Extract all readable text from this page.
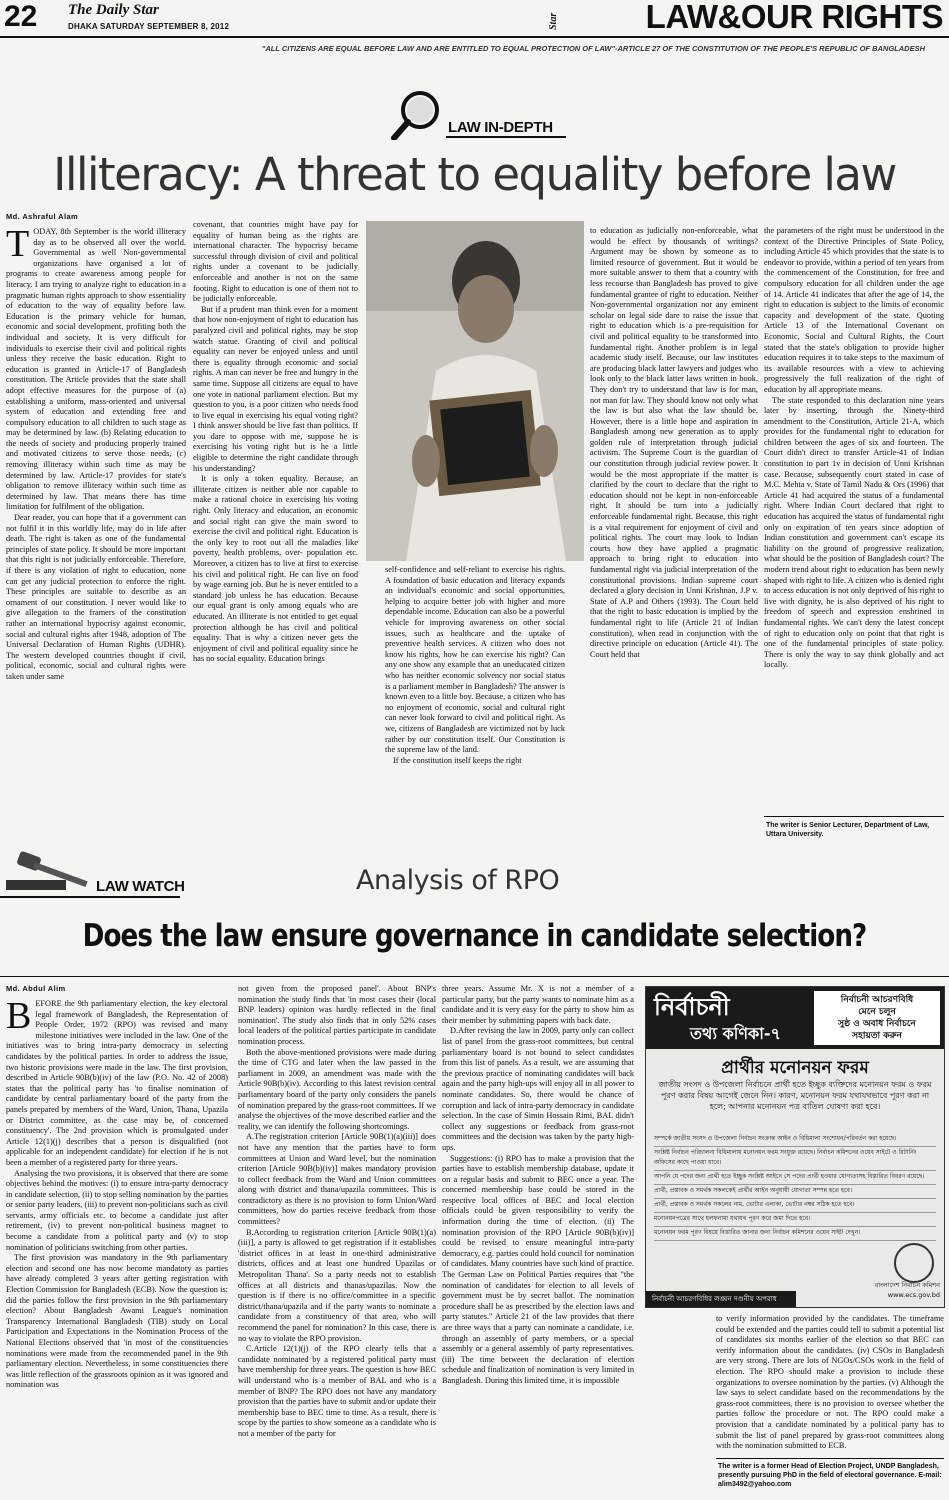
22 The Daily Star
DHAKA SATURDAY SEPTEMBER 8, 2012	LAW&OUR RIGHTS
Star
"ALL CITIZENS ARE EQUAL BEFORE LAW AND ARE ENTITLED TO EQUAL PROTECTION OF LAW"-ARTICLE 27 OF THE CONSTITUTION OF THE PEOPLE'S REPUBLIC OF BANGLADESH
LAW IN-DEPTH
Illiteracy: A threat to equality before law
Md. Ashraful Alam
T ODAY, 8th September is the world illiteracy day as to be observed all over the world. Governmental as well Non-governmental organizations have organised a lot of programs to create awareness among people for literacy. I am trying to analyze right to education in a pragmatic human rights approach to show essentiality of education to the way of equality before law. Education is the primary vehicle for human, economic and social development, profiting both the individual and society. It is very difficult for individuals to exercise their civil and political rights unless they receive the basic education. Right to education is granted in Article-17 of Bangladesh constitution. The Article provides that the state shall adopt effective measures for the purpose of (a) establishing a uniform, mass-oriented and universal system of education and extending free and compulsory education to all children to such stage as may be determined by law. (b) Relating education to the needs of society and producing properly trained and motivated citizens to serve those needs, (c) removing illiteracy within such time as may be determined by law. Article-17 provides for state's obligation to remove illiteracy within such time as determined by law. That means there has time limitation for fulfilment of the obligation.

Dear reader, you can hope that if a government can not fulfil it in this worldly life, may do in life after death. The right is taken as one of the fundamental principles of state policy. It should be more important that this right is not judicially enforceable. Therefore, if there is any violation of right to education, none can get any judicial protection to enforce the right. These principles are suitable to describe as an ornament of our constitution. I never would like to give allegation to the framers of the constitution rather an international hypocrisy against economic, social and cultural rights after 1948, adoption of The Universal Declaration of Human Rights (UDHR). The western developed countries thought if civil, political, economic, social and cultural rights were taken under same

covenant, that countries might have pay for equality of human being as the rights are international character. The hypocrisy became successful through division of civil and political rights under a covenant to be judicially enforceable and another is not on the same footing. Right to education is one of them not to be judicially enforceable.

But if a prudent man think even for a moment that how non-enjoyment of right to education has paralyzed civil and political rights, may be stop watch statue. Granting of civil and political equality can never be enjoyed unless and until there is equality through economic and social rights. A man can never be free and hungry in the same time. Suppose all citizens are equal to have one vote in national parliament election. But my question to you, is a poor citizen who needs food to live equal in exercising his equal voting right? I think answer should be live fast than politics. If you dare to oppose with me, suppose he is exercising his voting right but is he a little eligible to determine the right candidate through his understanding?

It is only a token equality. Because, an illiterate citizen is neither able nor capable to make a rational choice in exercising his voting right. Only literacy and education, an economic and social right can give the main sword to exercise the civil and political right. Education is the only key to root out all the maladies like poverty, health problems, over- population etc. Moreover, a citizen has to live at first to exercise his civil and political right. He can live on food by wage earning job. But he is never entitled to a standard job unless he has education. Because our equal grant is only among equals who are educated. An illiterate is not entitled to get equal protection although he has civil and political equality. That is why a citizen never gets the enjoyment of civil and political equality since he has no social equality. Education brings

self-confidence and self-reliant to exercise his rights. A foundation of basic education and literacy expands an individual's economic and social opportunities, helping to acquire better job with higher and more dependable income. Education can also be a powerful vehicle for improving awareness on other social issues, such as healthcare and the uptake of preventive health services. A citizen who does not know his rights, how he can exercise his right? Can any one show any example that an uneducated citizen who has neither economic solvency nor social status is a parliament member in Bangladesh? The answer is known even to a little boy. Because, a citizen who has no enjoyment of economic, social and cultural right can never look forward to civil and political right. As we, citizens of Bangladesh are victimized not by luck rather by our constitution itself. Our Constitution is the supreme law of the land.

If the constitution itself keeps the right

to education as judicially non-enforceable, what would be effect by thousands of writings? Argument may be shown by someone as to limited resource of government. But it would be more suitable answer to them that a country with less recourse than Bangladesh has proved to give fundamental grantee of right to education. Neither Non-governmental organization nor any eminent scholar on legal side dare to raise the issue that right to education which is a pre-requisition for civil and political equality to be transformed into fundamental right. Another problem is in legal academic study itself. Because, our law institutes are producing black latter lawyers and judges who look only to the black latter laws written in book. They don't try to understand that law is for man, not man for law. They should know not only what the law is but also what the law should be. However, there is a little hope and aspiration in Bangladesh among new generation as to apply golden rule of interpretation through judicial activism. The Supreme Court is the guardian of our constitution through judicial review power. It would be the most appropriate if the matter is clarified by the court to declare that the right to education should not be kept in non-enforceable right. It should be turn into a judicially enforceable fundamental right. Because, this right is a vital requirement for enjoyment of civil and political rights. The court may look to Indian courts how they have applied a pragmatic approach to bring right to education into fundamental right via judicial interpretation of the constitutional provisions. Indian supreme court declared a glory decision in Unni Krishnan, J.P v. State of A.P and Others (1993). The Court held that the right to basic education is implied by the fundamental right to life (Article 21 of Indian constitution), when read in conjunction with the directive principle on education (Article 41). The Court held that

the parameters of the right must be understood in the context of the Directive Principles of State Policy, including Article 45 which provides that the state is to endeavor to provide, within a period of ten years from the commencement of the Constitution, for free and compulsory education for all children under the age of 14. Article 41 indicates that after the age of 14, the right to education is subject to the limits of economic capacity and development of the state. Quoting Article 13 of the International Covenant on Economic, Social and Cultural Rights, the Court stated that the state's obligation to provide higher education requires it to take steps to the maximum of its available resources with a view to achieving progressively the full realization of the right of education by all appropriate means.

The state responded to this declaration nine years later by inserting, through the Ninety-third amendment to the Constitution, Article 21-A, which provides for the fundamental right to education for children between the ages of six and fourteen. The Court didn't direct to transfer Article-41 of Indian constitution to part 1v in decision of Unni Krishnan case. Because, subsequently court stated in case of M.C. Mehta v. State of Tamil Nadu & Ors (1996) that Article 41 had acquired the status of a fundamental right. Where Indian Court declared that right to education has acquired the status of fundamental right only on expiration of ten years since adoption of Indian constitution and government can't escape its liability on the ground of progressive realization, what should be the position of Bangladesh court? The modern trend about right to education has been newly shaped with right to life. A citizen who is denied right to access education is not only deprived of his right to live with dignity, he is also deprived of his right to freedom of speech and expression enshrined in fundamental rights. We can't deny the latest concept of right to education only on point that that right is one of the fundamental principles of state policy. There is only the way to say think globally and act locally.

The writer is Senior Lecturer, Department of Law, Uttara University.
LAW WATCH	Analysis of RPO
Does the law ensure governance in candidate selection?
Md. Abdul Alim
B EFORE the 9th parliamentary election, the key electoral legal framework of Bangladesh, the Representation of People Order, 1972 (RPO) was revised and many milestone initiatives were included in the law. One of the initiatives was to bring intra-party democracy in selecting candidates by the political parties. In order to address the issue, two historic provisions were made in the law. The first provision, described in Article 90B(b)(iv) of the law (P.O. No. 42 of 2008) states that the political party has 'to finalise nomination of candidate by central parliamentary board of the party from the panels prepared by members of the Ward, Union, Thana, Upazila or District committee, as the case may be, of concerned constituency'. The 2nd provision which is promulgated under Article 12(1)(j) describes that a person is disqualified (not applicable for an independent candidate) for election if he is not been a member of a registered party for three years.

Analysing the two provisions, it is observed that there are some objectives behind the motives: (i) to ensure intra-party democracy in candidate selection, (ii) to stop selling nomination by the parties or senior party leaders, (iii) to prevent non-politicians such as civil servants, army officials etc. to become a candidate just after retirement, (iv) to prevent non-political business magnet to become a candidate from a political party and (v) to stop nomination of politicians switching from other parties.

The first provision was mandatory in the 9th parliamentary election and second one has now become mandatory as parties have already completed 3 years after getting registration with Election Commission for Bangladesh (ECB). Now the question is: did the parties follow the first provision in the 9th parliamentary election? About Bangladesh Awami League's nomination Transparency International Bangladesh (TIB) study on Local Participation and Expectations in the Nomination Process of the National Elections observed that 'in most of the constituencies nominations were made from the recommended panel in the 9th parliamentary election. Nevertheless, in some constituencies there was little reflection of the grassroots opinion as it was ignored and nomination was

not given from the proposed panel'. About BNP's nomination the study finds that 'in most cases their (local BNP leaders) opinion was hardly reflected in the final nomination'. The study also finds that in only 52% cases local leaders of the political parties participate in candidate nomination process.

Both the above-mentioned provisions were made during the time of CTG and later when the law passed in the parliament in 2009, an amendment was made with the Article 90B(b)(iv). According to this latest revision central parliamentary board of the party only considers the panels of nomination prepared by the grass-root committees. If we analyse the objectives of the move described earlier and the reality, we can identify the following shortcomings.

A.The registration criterion [Article 90B(1)(a)(iii)] does not have any mention that the parties have to form committees at Union and Ward level, but the nomination criterion [Article 90B(b)(iv)] makes mandatory provision to collect feedback from the Ward and Union committees along with district and thana/upazila committees. This is contradictory as there is no provision to form Union/Ward committees, how do parties receive feedback from those committees?

B.According to registration criterion [Article 90B(1)(a)(iii)], a party is allowed to get registration if it establishes 'district offices in at least in one-third administrative districts, offices and at least one hundred Upazilas or Metropolitan Thana'. So a party needs not to establish offices at all districts and thanas/upazilas. Now the question is if there is no office/committee in a specific district/thana/upazila and if the party wants to nominate a candidate from a constituency of that area, who will recommend the panel for nomination? In this case, there is no way to violate the RPO provision.

C.Article 12(1)(j) of the RPO clearly tells that a candidate nominated by a registered political party must have membership for three years. The question is how BEC will understand who is a member of BAL and who is a member of BNP? The RPO does not have any mandatory provision that the parties have to submit and/or update their membership base to BEC time to time. As a result, there is scope by the parties to show someone as a candidate who is not a member of the party for

three years. Assume Mr. X is not a member of a particular party, but the party wants to nominate him as a candidate and it is very easy for the party to show him as their member by submitting papers with back date.

D.After revising the law in 2009, party only can collect list of panel from the grass-root committees, but central parliamentary board is not bound to select candidates from this list of panels. As a result, we are assuming that the previous practice of nominating candidates will back again and the party high-ups will enjoy all in all power to nominate candidates. So, there would be chance of corruption and lack of intra-party democracy in candidate selection. In the case of Simin Hossain Rimi, BAL didn't collect any suggestions or feedback from grass-root committees and the decision was taken by the party high-ups.

Suggestions: (i) RPO has to make a provision that the parties have to establish membership database, update it on a regular basis and submit to BEC once a year. The concerned membership base could be stored in the respective local offices of BEC and local election officials could be given responsibility to verify the information during the time of election. (ii) The nomination provision of the RPO [Article 90B(b)(iv)] could be revised to ensure meaningful intra-party democracy, e.g. parties could hold council for nomination of candidates. Many countries have such kind of practice. The German Law on Political Parties requires that "the nomination of candidates for election to all levels of government must be by secret ballot. The nomination procedure shall be as prescribed by the election laws and party statutes." Article 21 of the law provides that there are three ways that a party can nominate a candidate, i.e. through an assembly of party members, or a special assembly or a general assembly of party representatives. (iii) The time between the declaration of election schedule and finalization of nomination is very limited in Bangladesh. During this limited time, it is impossible

নির্বাচনী
তথ্য কণিকা-৭
নির্বাচনী আচরণবিধি
মেনে চলুন
সুষ্ঠ ও অবাধ নির্বাচনে
সহায়তা করুন
প্রার্থীর মনোনয়ন ফরম
জাতীয় সংসদ ও উপজেলা নির্বাচনে প্রার্থী হতে ইচ্ছুক ব্যক্তিদের মনোনয়ন ফরম ও ফরম পূরণ করার বিষয় আগেই জেনে নিন। কারণ, মনোনয়ন ফরম যথাযথভাবে পূরণ করা না হলে; আপনার মনোনয়ন পত্র বাতিল ঘোষণা করা হবে।
সম্পর্কে জাতীয় সংসদ ও উপজেলা নির্বাচন সংক্রান্ত আইন ও বিধিমালা সংশোধন/পরিবর্তন করা হয়েছে।
সংশ্লিষ্ট নির্বাচন পরিচালনা বিধিমালায় মনোনয়ন ফরম সংযুক্ত রয়েছে। নির্বাচন কমিশনের ওয়েব সাইটে ও রিটার্নিং অফিসের কাছে পাওয়া যাবে।
আপনি যে পদের জন্য প্রার্থী হতে ইচ্ছুক সংশ্লিষ্ট আইনে সে পদের প্রার্থী হওয়ার যোগ্যতাসহ বিস্তারিত বিবরণ রয়েছে।
প্রার্থী, প্রস্তাবক ও সমর্থক সকলকেই প্রার্থীর আইন অনুযায়ী যোগ্যতা সম্পন্ন হতে হবে।
প্রার্থী, প্রস্তাবক ও সমর্থক সকলের নাম, ভোটার এলাকা, ভোটার নম্বর সঠিক হতে হবে।
মনোনয়নপত্রের সাথে হলফনামা যথাযথ পূরণ করে জমা দিতে হবে।
মনোনয়ন ফরম পূরণ বিষয়ে বিস্তারিত জানার জন্য নির্বাচন কমিশনের ওয়েব সাইট দেখুন।
বাংলাদেশ নির্বাচন কমিশন
www.ecs.gov.bd
নির্বাচনী আচরণবিধির লঙ্ঘন দণ্ডনীয় অপরাধ

to verify information provided by the candidates. The timeframe could be extended and the parties could tell to submit a potential list of candidates six months earlier of the election so that BEC can verify information about the candidates. (iv) CSOs in Bangladesh are very strong. There are lots of NGOs/CSOs work in the field of election. The RPO should make a provision to include these organizations to oversee nomination by the parties. (v) Although the law says to select candidate based on the recommendations by the grass-root committees, there is no provision to oversee whether the parties follow the procedure or not. The RPO could make a provision that a candidate nominated by a political party has to submit the list of panel prepared by grass-root committees along with the nomination submitted to ECB.

The writer is a former Head of Election Project, UNDP Bangladesh, presently pursuing PhD in the field of electoral governance. E-mail: alim3492@yahoo.com
